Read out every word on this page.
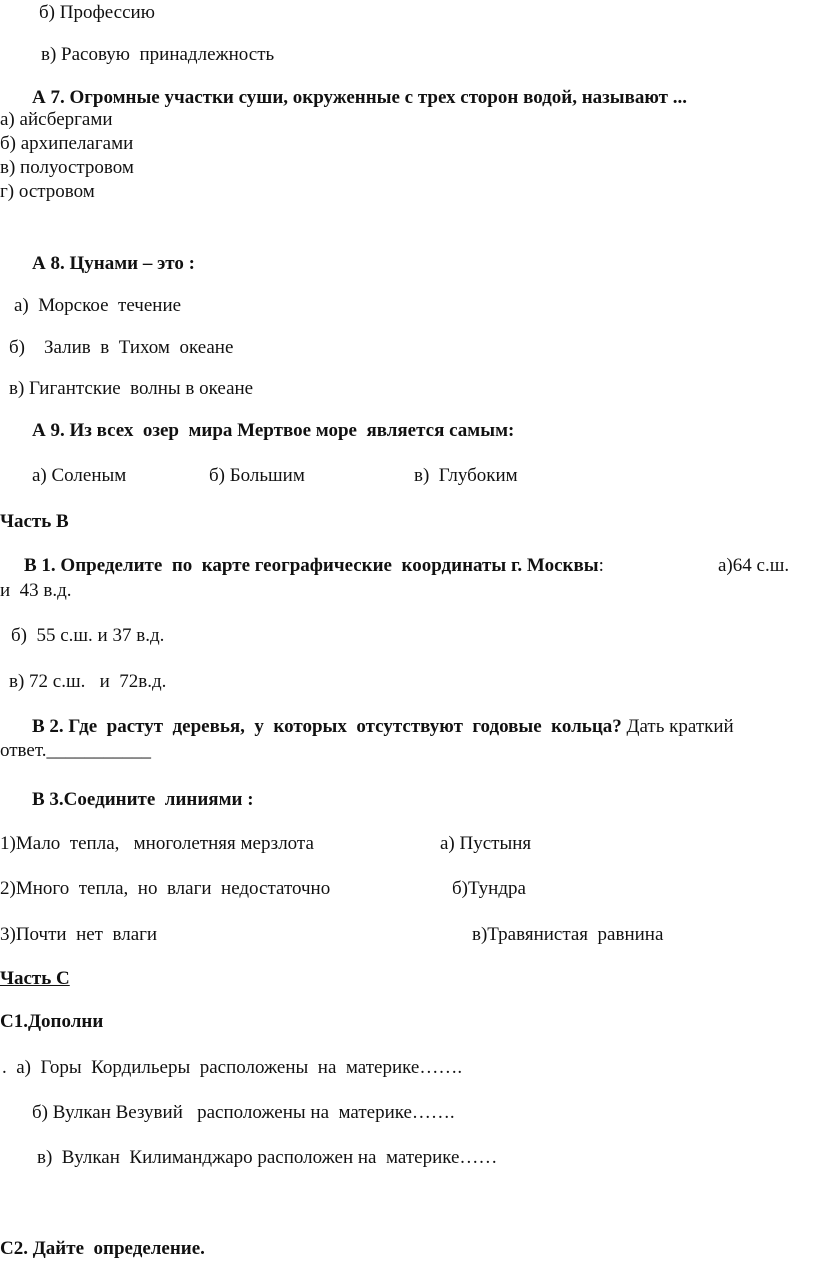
б) Профессию
в) Расовую  принадлежность
А 7. Огромные участки суши, окруженные с трех сторон водой, называют ...
а) айсбергами
б) архипелагами
в) полуостровом
г) островом
А 8. Цунами – это :
а)  Морское  течение
б)    Залив  в  Тихом  океане
в) Гигантские  волны в океане
А 9. Из всех  озер  мира Мертвое море  является самым:
а) Соленым	б) Большим	в)  Глубоким
Часть В
В 1. Определите  по  карте географические  координаты г. Москвы:	а)64 с.ш.
и  43 в.д.
б)  55 с.ш. и 37 в.д.
в) 72 с.ш.   и  72в.д.
В 2. Где  растут  деревья,  у  которых  отсутствуют  годовые  кольца? Дать краткий
ответ.___________
В 3.Соедините  линиями :
1)Мало  тепла,   многолетняя мерзлота	а) Пустыня
2)Много  тепла,  но  влаги  недостаточно	б)Тундра
3)Почти  нет  влаги	в)Травянистая  равнина
Часть С
С1.Дополни
.  а)  Горы  Кордильеры  расположены  на  материке…….
б) Вулкан Везувий   расположены на  материке…….
в)  Вулкан  Килиманджаро расположен на  материке……
С2. Дайте  определение.
